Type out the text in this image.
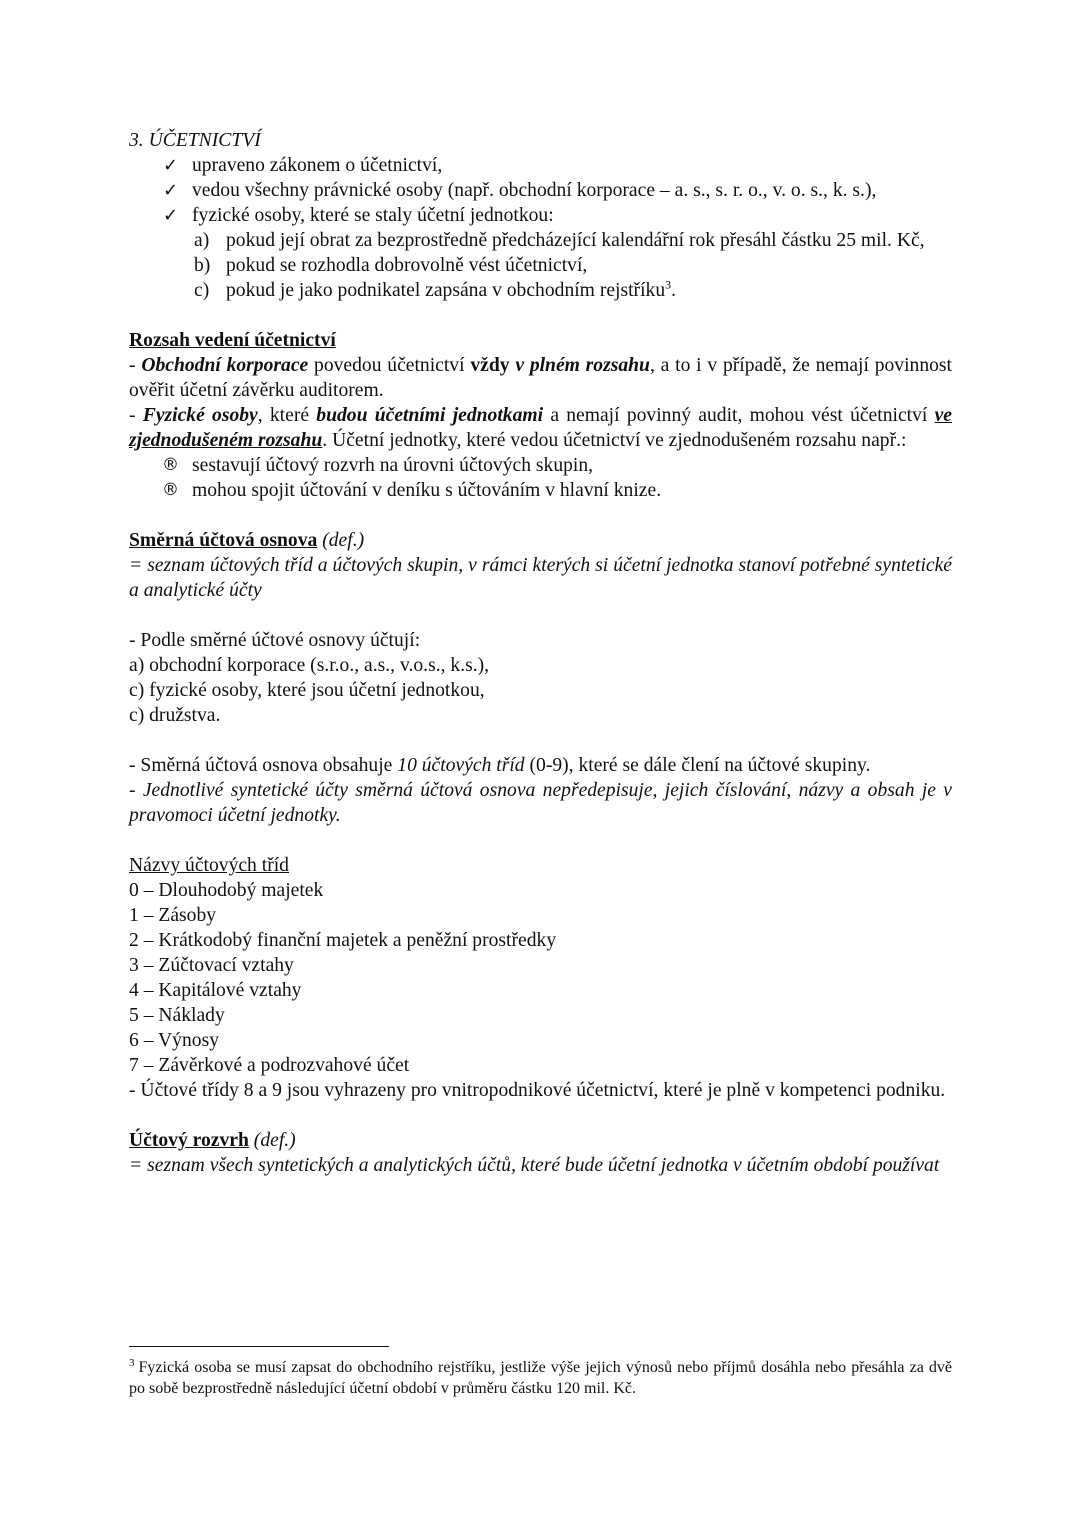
3. ÚČETNICTVÍ

✓ upraveno zákonem o účetnictví,
✓ vedou všechny právnické osoby (např. obchodní korporace – a. s., s. r. o., v. o. s., k. s.),
✓ fyzické osoby, které se staly účetní jednotkou:
a) pokud její obrat za bezprostředně předcházející kalendářní rok přesáhl částku 25 mil. Kč,
b) pokud se rozhodla dobrovolně vést účetnictví,
c) pokud je jako podnikatel zapsána v obchodním rejstříku$^3$.

Rozsah vedení účetnictví

- Obchodní korporace povedou účetnictví vždy v plném rozsahu, a to i v případě, že nemají povinnost ověřit účetní závěrku auditorem.

- Fyzické osoby, které budou účetními jednotkami a nemají povinný audit, mohou vést účetnictví ve zjednodušeném rozsahu. Účetní jednotky, které vedou účetnictví ve zjednodušeném rozsahu např.:

® sestavují účtový rozvrh na úrovni účtových skupin,
® mohou spojit účtování v deníku s účtováním v hlavní knize.

Směrná účtová osnova (def.)

= seznam účtových tříd a účtových skupin, v rámci kterých si účetní jednotka stanoví potřebné syntetické a analytické účty

- Podle směrné účtové osnovy účtují:

a) obchodní korporace (s.r.o., a.s., v.o.s., k.s.),

c) fyzické osoby, které jsou účetní jednotkou,

c) družstva.

- Směrná účtová osnova obsahuje 10 účtových tříd (0-9), které se dále člení na účtové skupiny.

- Jednotlivé syntetické účty směrná účtová osnova nepředepisuje, jejich číslování, názvy a obsah je v pravomoci účetní jednotky.

Názvy účtových tříd

0 – Dlouhodobý majetek

1 – Zásoby

2 – Krátkodobý finanční majetek a peněžní prostředky

3 – Zúčtovací vztahy

4 – Kapitálové vztahy

5 – Náklady

6 – Výnosy

7 – Závěrkové a podrozvahové účet

- Účtové třídy 8 a 9 jsou vyhrazeny pro vnitropodnikové účetnictví, které je plně v kompetenci podniku.

Účtový rozvrh (def.)

= seznam všech syntetických a analytických účtů, které bude účetní jednotka v účetním období používat

$^3$ Fyzická osoba se musí zapsat do obchodního rejstříku, jestliže výše jejich výnosů nebo příjmů dosáhla nebo přesáhla za dvě po sobě bezprostředně následující účetní období v průměru částku 120 mil. Kč.
